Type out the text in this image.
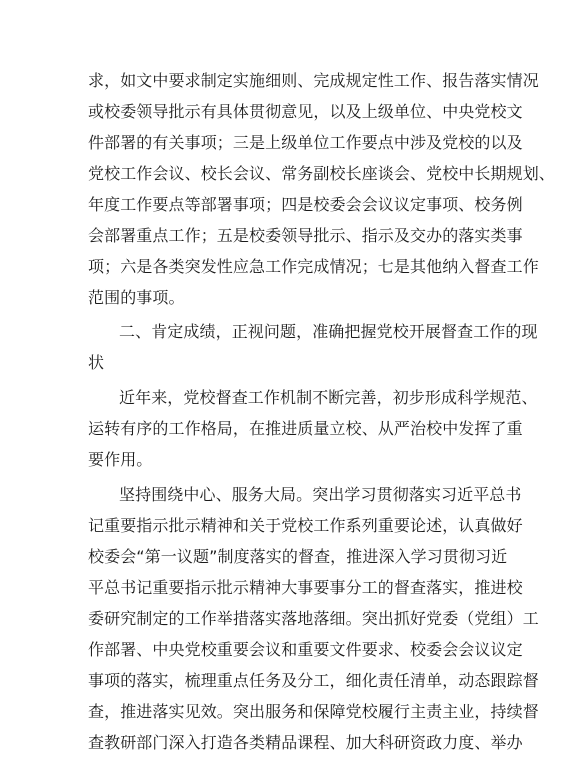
求，如文中要求制定实施细则、完成规定性工作、报告落实情况
或校委领导批示有具体贯彻意见，以及上级单位、中央党校文
件部署的有关事项；三是上级单位工作要点中涉及党校的以及
党校工作会议、校长会议、常务副校长座谈会、党校中长期规划、
年度工作要点等部署事项；四是校委会会议议定事项、校务例
会部署重点工作；五是校委领导批示、指示及交办的落实类事
项；六是各类突发性应急工作完成情况；七是其他纳入督查工作
范围的事项。
二、肯定成绩，正视问题，准确把握党校开展督查工作的现
状
近年来，党校督查工作机制不断完善，初步形成科学规范、
运转有序的工作格局，在推进质量立校、从严治校中发挥了重
要作用。
坚持围绕中心、服务大局。突出学习贯彻落实习近平总书
记重要指示批示精神和关于党校工作系列重要论述，认真做好
校委会“第一议题”制度落实的督查，推进深入学习贯彻习近
平总书记重要指示批示精神大事要事分工的督查落实，推进校
委研究制定的工作举措落实落地落细。突出抓好党委（党组）工
作部署、中央党校重要会议和重要文件要求、校委会会议议定
事项的落实，梳理重点任务及分工，细化责任清单，动态跟踪督
查，推进落实见效。突出服务和保障党校履行主责主业，持续督
查教研部门深入打造各类精品课程、加大科研资政力度、举办
